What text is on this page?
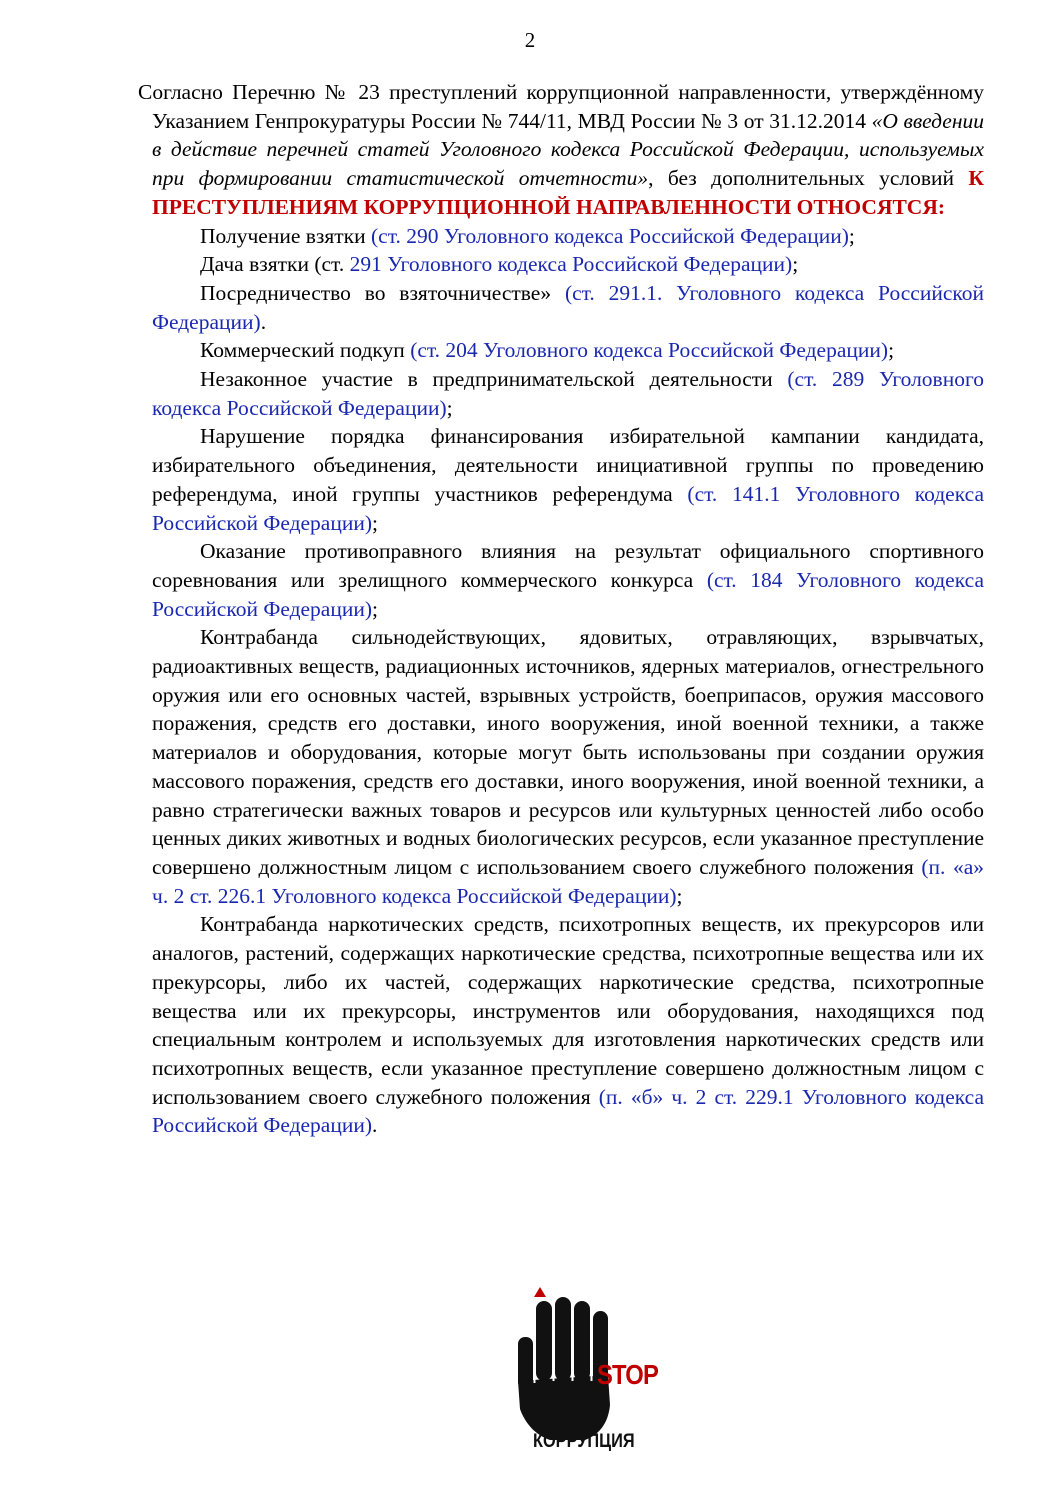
2

Согласно Перечню № 23 преступлений коррупционной направленности, утверждённому Указанием Генпрокуратуры России № 744/11, МВД России № 3 от 31.12.2014 «О введении в действие перечней статей Уголовного кодекса Российской Федерации, используемых при формировании статистической отчетности», без дополнительных условий К ПРЕСТУПЛЕНИЯМ КОРРУПЦИОННОЙ НАПРАВЛЕННОСТИ ОТНОСЯТСЯ:

Получение взятки (ст. 290 Уголовного кодекса Российской Федерации);

Дача взятки (ст. 291 Уголовного кодекса Российской Федерации);

Посредничество во взяточничестве» (ст. 291.1. Уголовного кодекса Российской Федерации).

Коммерческий подкуп (ст. 204 Уголовного кодекса Российской Федерации);

Незаконное участие в предпринимательской деятельности (ст. 289 Уголовного кодекса Российской Федерации);

Нарушение порядка финансирования избирательной кампании кандидата, избирательного объединения, деятельности инициативной группы по проведению референдума, иной группы участников референдума (ст. 141.1 Уголовного кодекса Российской Федерации);

Оказание противоправного влияния на результат официального спортивного соревнования или зрелищного коммерческого конкурса (ст. 184 Уголовного кодекса Российской Федерации);

Контрабанда сильнодействующих, ядовитых, отравляющих, взрывчатых, радиоактивных веществ, радиационных источников, ядерных материалов, огнестрельного оружия или его основных частей, взрывных устройств, боеприпасов, оружия массового поражения, средств его доставки, иного вооружения, иной военной техники, а также материалов и оборудования, которые могут быть использованы при создании оружия массового поражения, средств его доставки, иного вооружения, иной военной техники, а равно стратегически важных товаров и ресурсов или культурных ценностей либо особо ценных диких животных и водных биологических ресурсов, если указанное преступление совершено должностным лицом с использованием своего служебного положения (п. «а» ч. 2 ст. 226.1 Уголовного кодекса Российской Федерации);

Контрабанда наркотических средств, психотропных веществ, их прекурсоров или аналогов, растений, содержащих наркотические средства, психотропные вещества или их прекурсоры, либо их частей, содержащих наркотические средства, психотропные вещества или их прекурсоры, инструментов или оборудования, находящихся под специальным контролем и используемых для изготовления наркотических средств или психотропных веществ, если указанное преступление совершено должностным лицом с использованием своего служебного положения (п. «б» ч. 2 ст. 229.1 Уголовного кодекса Российской Федерации).

STOP
КОРРУПЦИЯ
